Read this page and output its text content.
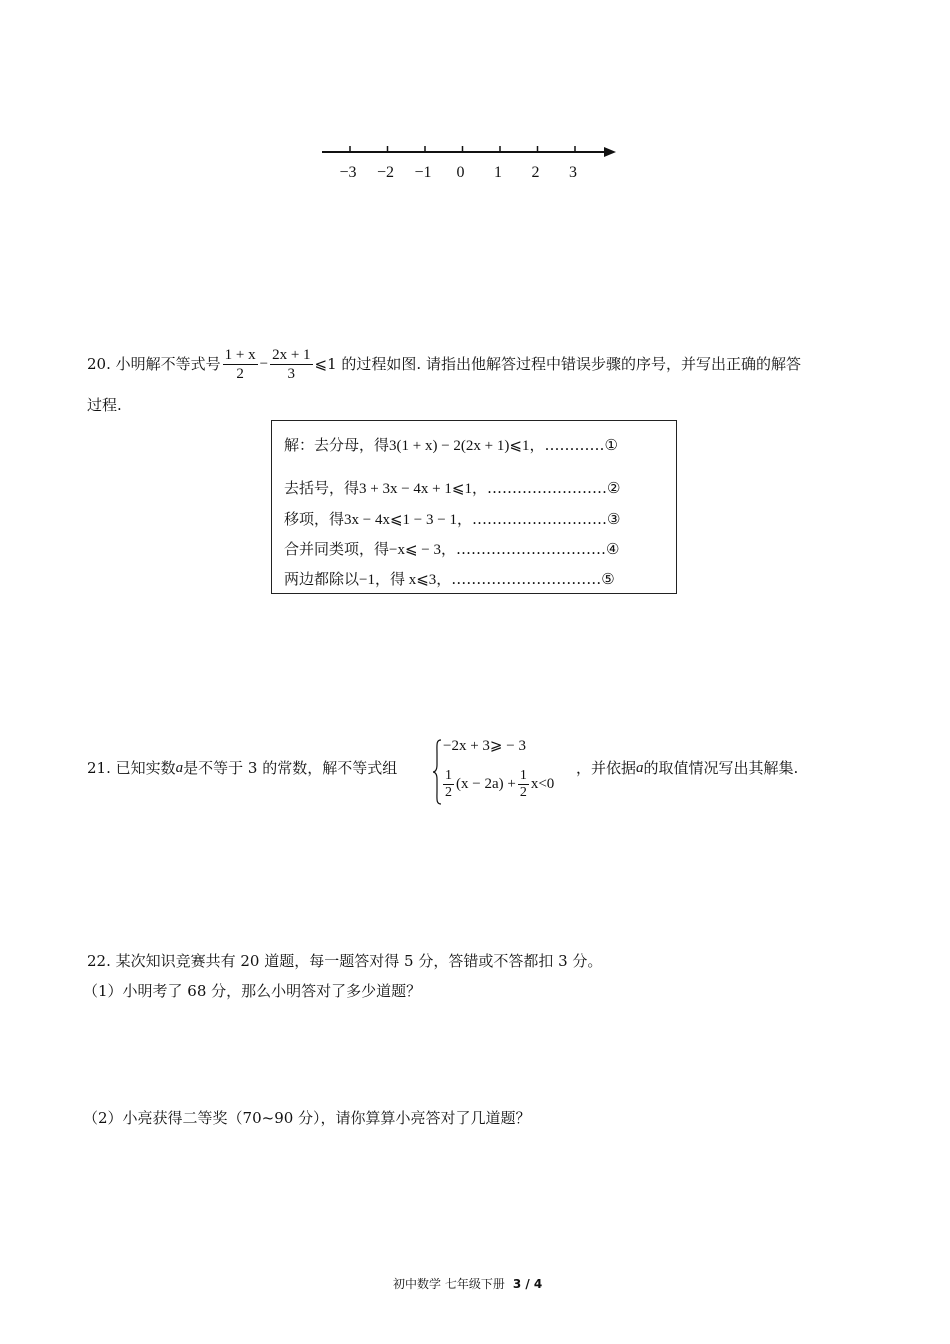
−3	−2	−1	0	1	2	3
20. 小明解不等式号 $\frac{1 + x}{2} - \frac{2x + 1}{3}$ ⩽1 的过程如图. 请指出他解答过程中错误步骤的序号，并写出正确的解答
过程.
解：去分母，得3(1 + x) − 2(2x + 1)⩽1，…………①
去括号，得3 + 3x − 4x + 1⩽1，……………………②
移项，得3x − 4x⩽1 − 3 − 1，………………………③
合并同类项，得−x⩽ − 3，…………………………④
两边都除以−1，得 x⩽3，…………………………⑤
21. 已知实数 a 是不等于 3 的常数，解不等式组
−2x + 3⩾ − 3
$\frac{1}{2} (x - 2a) + \frac{1}{2} x<0$
，并依据 a 的取值情况写出其解集.
22. 某次知识竞赛共有 20 道题，每一题答对得 5 分，答错或不答都扣 3 分。
（1）小明考了 68 分，那么小明答对了多少道题？
（2）小亮获得二等奖（70~90 分），请你算算小亮答对了几道题？
初中数学 七年级下册 3 / 4
